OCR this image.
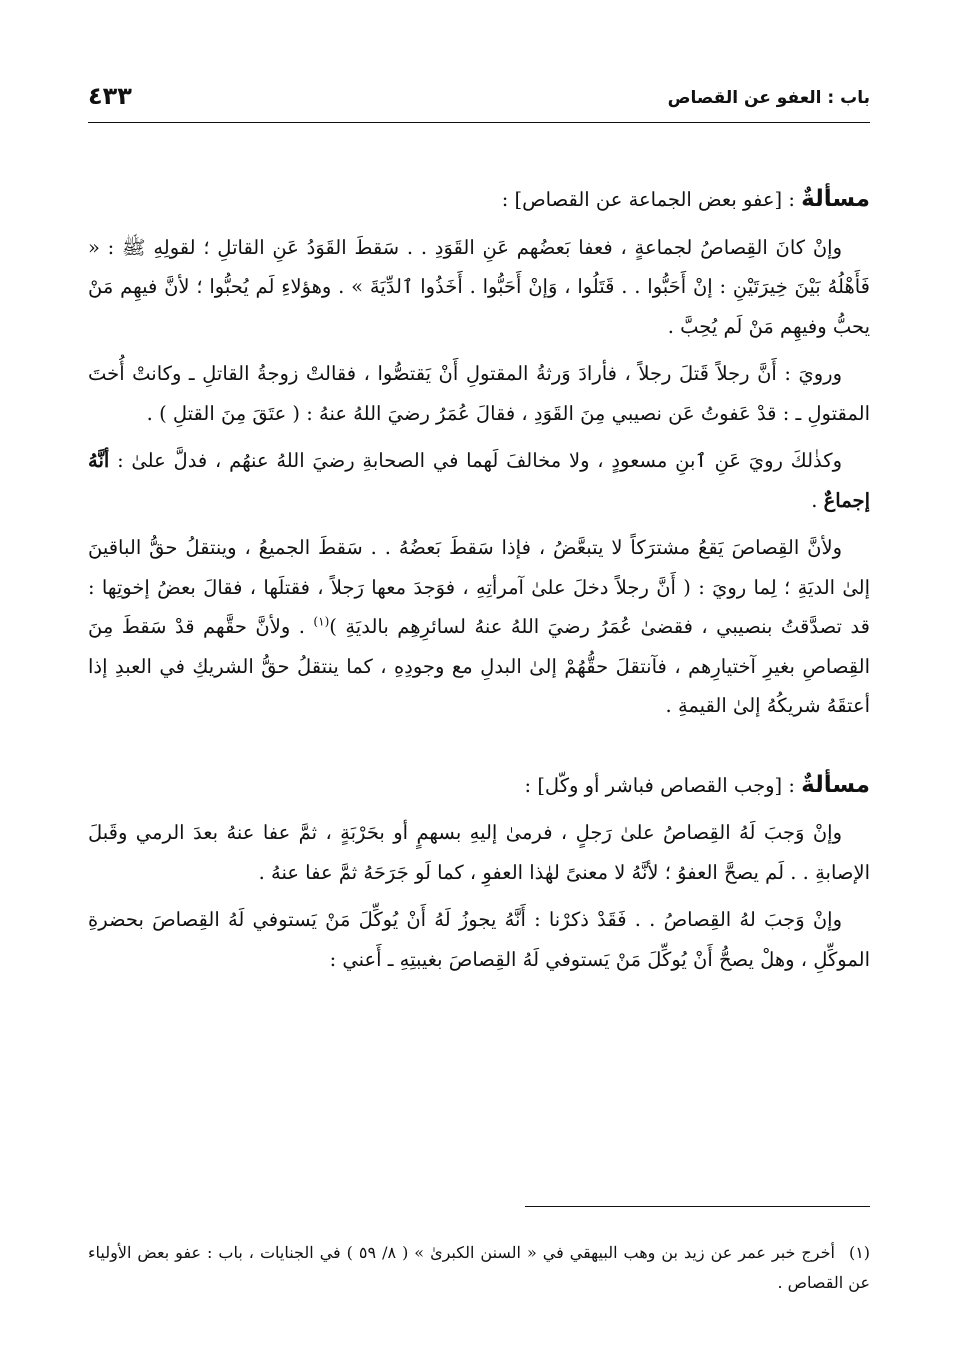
باب : العفو عن القصاص
٤٣٣
مسألةٌ : [عفو بعض الجماعة عن القصاص] :

وإنْ كانَ القِصاصُ لجماعةٍ ، فعفا بَعضُهم عَنِ القَوَدِ . . سَقطَ القَوَدُ عَنِ القاتلِ ؛ لقولِهِ ﷺ : « فَأَهْلُهُ بَيْنَ خِيرَتَيْنِ : إنْ أَحَبُّوا . . قَتَلُوا ، وَإنْ أَحَبُّوا . أَخَذُوا ٱلدِّيَةَ » . وهؤلاءِ لَم يُحبُّوا ؛ لأنَّ فيهِم مَنْ يحبُّ وفيهِم مَنْ لَم يُحِبَّ .

ورويَ : أَنَّ رجلاً قَتلَ رجلاً ، فأرادَ وَرثةُ المقتولِ أَنْ يَقتصُّوا ، فقالتْ زوجةُ القاتلِ ـ وكانتْ أُختَ المقتولِ ـ : قدْ عَفوتُ عَن نصيبي مِنَ القَوَدِ ، فقالَ عُمَرُ رضيَ اللهُ عنهُ : ( عتَقَ مِنَ القتلِ ) .

وكذٰلكَ رويَ عَنِ ٱبنِ مسعودٍ ، ولا مخالفَ لَهما في الصحابةِ رضيَ اللهُ عنهُم ، فدلَّ علىٰ : أنَّهُ إجماعٌ .

ولأنَّ القِصاصَ يَقعُ مشترَكاً لا يتبعَّضُ ، فإذا سَقطَ بَعضُهُ . . سَقطَ الجميعُ ، وينتقلُ حقُّ الباقينَ إلىٰ الديَةِ ؛ لِما رويَ : ( أَنَّ رجلاً دخلَ علىٰ آمرأتِهِ ، فوَجدَ معها رَجلاً ، فقتلَها ، فقالَ بعضُ إخوتِها : قد تصدَّقتُ بنصيبي ، فقضىٰ عُمَرُ رضيَ اللهُ عنهُ لسائرِهِم بالديَةِ )$^{(١)}$ . ولأنَّ حقَّهم قدْ سَقطَ مِنَ القِصاصِ بغيرِ آختيارِهم ، فآنتقلَ حقُّهُمْ إلىٰ البدلِ مع وجودِهِ ، كما ينتقلُ حقُّ الشريكِ في العبدِ إذا أعتقَهُ شريكُهُ إلىٰ القيمةِ .

مسألةٌ : [وجب القصاص فباشر أو وكّل] :

وإنْ وَجبَ لَهُ القِصاصُ علىٰ رَجلٍ ، فرمىٰ إليهِ بسهمٍ أو بحَرْبَةٍ ، ثمَّ عفا عنهُ بعدَ الرمي وقَبلَ الإصابةِ . . لَم يصحَّ العفوُ ؛ لأنَّهُ لا معنىً لهٰذا العفوِ ، كما لَو جَرَحَهُ ثمَّ عفا عنهُ .

وإنْ وَجبَ لهُ القِصاصُ . . فَقَدْ ذكرْنا : أَنَّهُ يجوزُ لَهُ أَنْ يُوكِّلَ مَنْ يَستوفي لَهُ القِصاصَ بحضرةِ الموكِّلِ ، وهلْ يصحُّ أَنْ يُوكِّلَ مَنْ يَستوفي لَهُ القِصاصَ بغيبتِهِ ـ أَعني :

(١)أخرج خبر عمر عن زيد بن وهب البيهقي في « السنن الكبرىٰ » ( ٨/ ٥٩ ) في الجنايات ، باب : عفو بعض الأولياء عن القصاص .
